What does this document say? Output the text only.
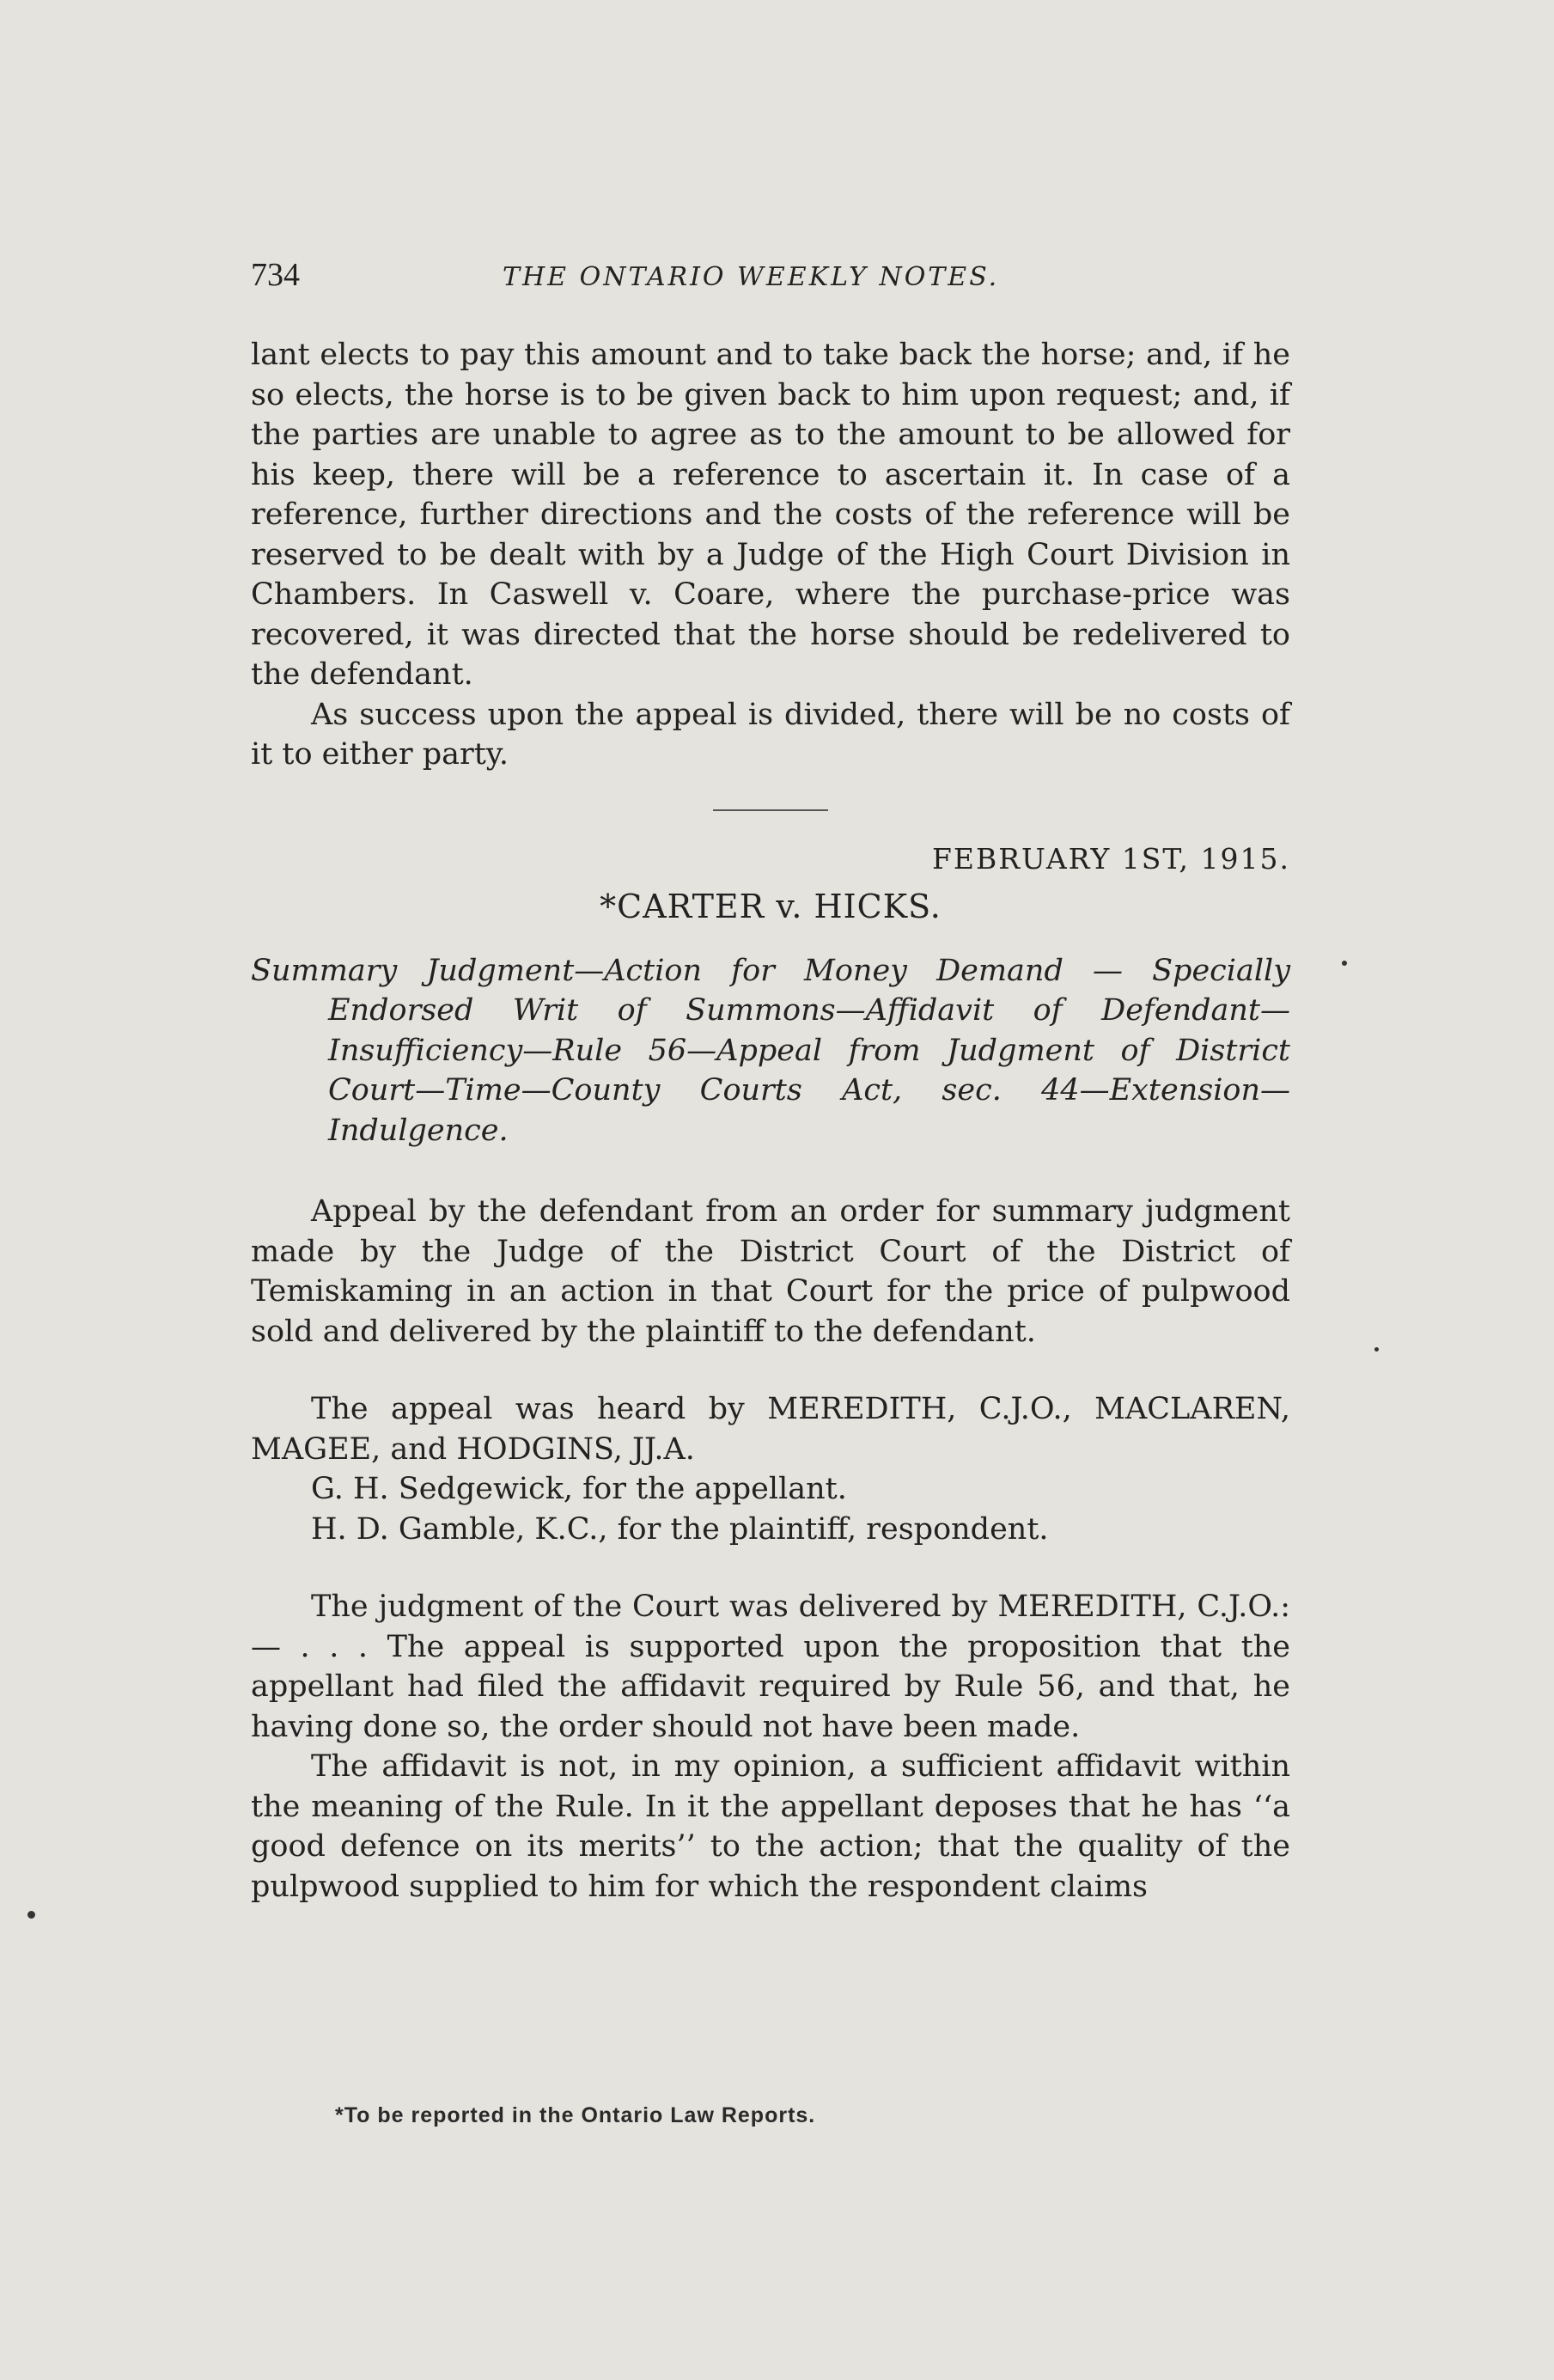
734	THE ONTARIO WEEKLY NOTES.

lant elects to pay this amount and to take back the horse; and, if he so elects, the horse is to be given back to him upon request; and, if the parties are unable to agree as to the amount to be allowed for his keep, there will be a reference to ascertain it. In case of a reference, further directions and the costs of the reference will be reserved to be dealt with by a Judge of the High Court Division in Chambers. In Caswell v. Coare, where the purchase-price was recovered, it was directed that the horse should be redelivered to the defendant.

As success upon the appeal is divided, there will be no costs of it to either party.

FEBRUARY 1ST, 1915.
*CARTER v. HICKS.
Summary Judgment—Action for Money Demand — Specially Endorsed Writ of Summons—Affidavit of Defendant—Insufficiency—Rule 56—Appeal from Judgment of District Court—Time—County Courts Act, sec. 44—Extension—Indulgence.

Appeal by the defendant from an order for summary judgment made by the Judge of the District Court of the District of Temiskaming in an action in that Court for the price of pulpwood sold and delivered by the plaintiff to the defendant.

The appeal was heard by MEREDITH, C.J.O., MACLAREN, MAGEE, and HODGINS, JJ.A.

G. H. Sedgewick, for the appellant.
H. D. Gamble, K.C., for the plaintiff, respondent.

The judgment of the Court was delivered by MEREDITH, C.J.O.:— . . . The appeal is supported upon the proposition that the appellant had filed the affidavit required by Rule 56, and that, he having done so, the order should not have been made.

The affidavit is not, in my opinion, a sufficient affidavit within the meaning of the Rule. In it the appellant deposes that he has ‘‘a good defence on its merits’’ to the action; that the quality of the pulpwood supplied to him for which the respondent claims

*To be reported in the Ontario Law Reports.
